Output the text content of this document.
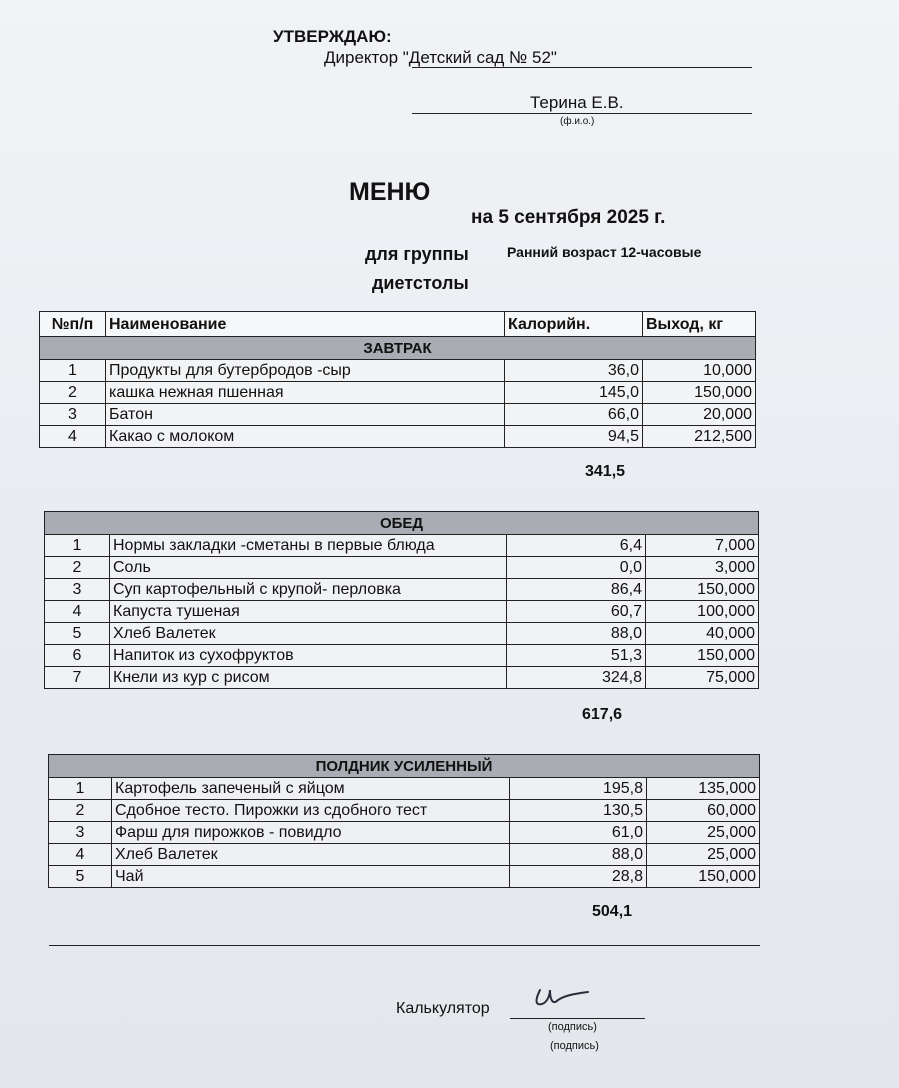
УТВЕРЖДАЮ:
Директор "Детский сад № 52"
Терина Е.В.
(ф.и.о.)
МЕНЮ
на 5 сентября 2025 г.
для группы	Ранний возраст 12-часовые
диетстолы
№п/п	Наименование	Калорийн.	Выход, кг
ЗАВТРАК			
1	Продукты для бутербродов -сыр	36,0	10,000
2	кашка нежная пшенная	145,0	150,000
3	Батон	66,0	20,000
4	Какао с молоком	94,5	212,500
341,5
ОБЕД			
1	Нормы закладки -сметаны в первые блюда	6,4	7,000
2	Соль	0,0	3,000
3	Суп картофельный с крупой- перловка	86,4	150,000
4	Капуста тушеная	60,7	100,000
5	Хлеб Валетек	88,0	40,000
6	Напиток из сухофруктов	51,3	150,000
7	Кнели из кур с рисом	324,8	75,000
617,6
ПОЛДНИК УСИЛЕННЫЙ			
1	Картофель запеченый с яйцом	195,8	135,000
2	Сдобное тесто. Пирожки из сдобного тест	130,5	60,000
3	Фарш для пирожков - повидло	61,0	25,000
4	Хлеб Валетек	88,0	25,000
5	Чай	28,8	150,000
504,1
Калькулятор
(подпись)
(подпись)
